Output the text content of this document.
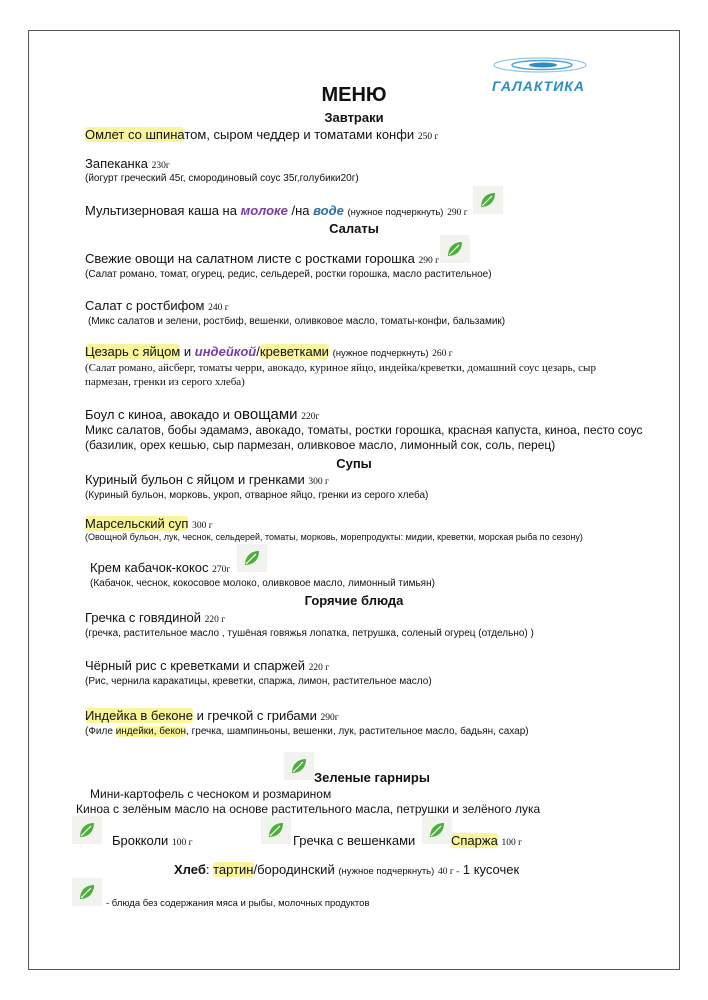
ГАЛАКТИКА
МЕНЮ
Завтраки
Омлет со шпинатом, сыром чеддер и томатами конфи 250 г
Запеканка 230г
(йогурт греческий 45г, смородиновый соус 35г,голубики20г)
Мультизерновая каша на молоке /на воде (нужное подчеркнуть) 290 г
Салаты
Свежие овощи на салатном листе с ростками горошка 290 г
(Салат романо, томат, огурец, редис, сельдерей, ростки горошка, масло растительное)
Салат с ростбифом 240 г
(Микс салатов и зелени, ростбиф, вешенки, оливковое масло, томаты-конфи, бальзамик)
Цезарь с яйцом и индейкой/креветками (нужное подчеркнуть) 260 г
(Салат романо, айсберг, томаты черри, авокадо, куриное яйцо, индейка/креветки, домашний соус цезарь, сыр
пармезан, гренки из серого хлеба)
Боул с киноа, авокадо и овощами 220г
Микс салатов, бобы эдамамэ, авокадо, томаты, ростки горошка, красная капуста, киноа, песто соус
(базилик, орех кешью, сыр пармезан, оливковое масло, лимонный сок, соль, перец)
Супы
Куриный бульон с яйцом и гренками 300 г
(Куриный бульон, морковь, укроп, отварное яйцо, гренки из серого хлеба)
Марсельский суп 300 г
(Овощной бульон, лук, чеснок, сельдерей, томаты, морковь, морепродукты: мидии, креветки, морская рыба по сезону)
Крем кабачок-кокос 270г
(Кабачок, чеснок, кокосовое молоко, оливковое масло, лимонный тимьян)
Горячие блюда
Гречка с говядиной 220 г
(гречка, растительное масло , тушёная говяжья лопатка, петрушка, соленый огурец (отдельно) )
Чёрный рис с креветками и спаржей 220 г
(Рис, чернила каракатицы, креветки, спаржа, лимон, растительное масло)
Индейка в беконе и гречкой с грибами 290г
(Филе индейки, бекон, гречка, шампиньоны, вешенки, лук, растительное масло, бадьян, сахар)
Зеленые гарниры
Мини-картофель с чесноком и розмарином
Киноа с зелёным масло на основе растительного масла, петрушки и зелёного лука
Брокколи 100 г	Гречка с вешенками	Спаржа 100 г
Хлеб: тартин/бородинский (нужное подчеркнуть) 40 г - 1 кусочек
- блюда без содержания мяса и рыбы, молочных продуктов
